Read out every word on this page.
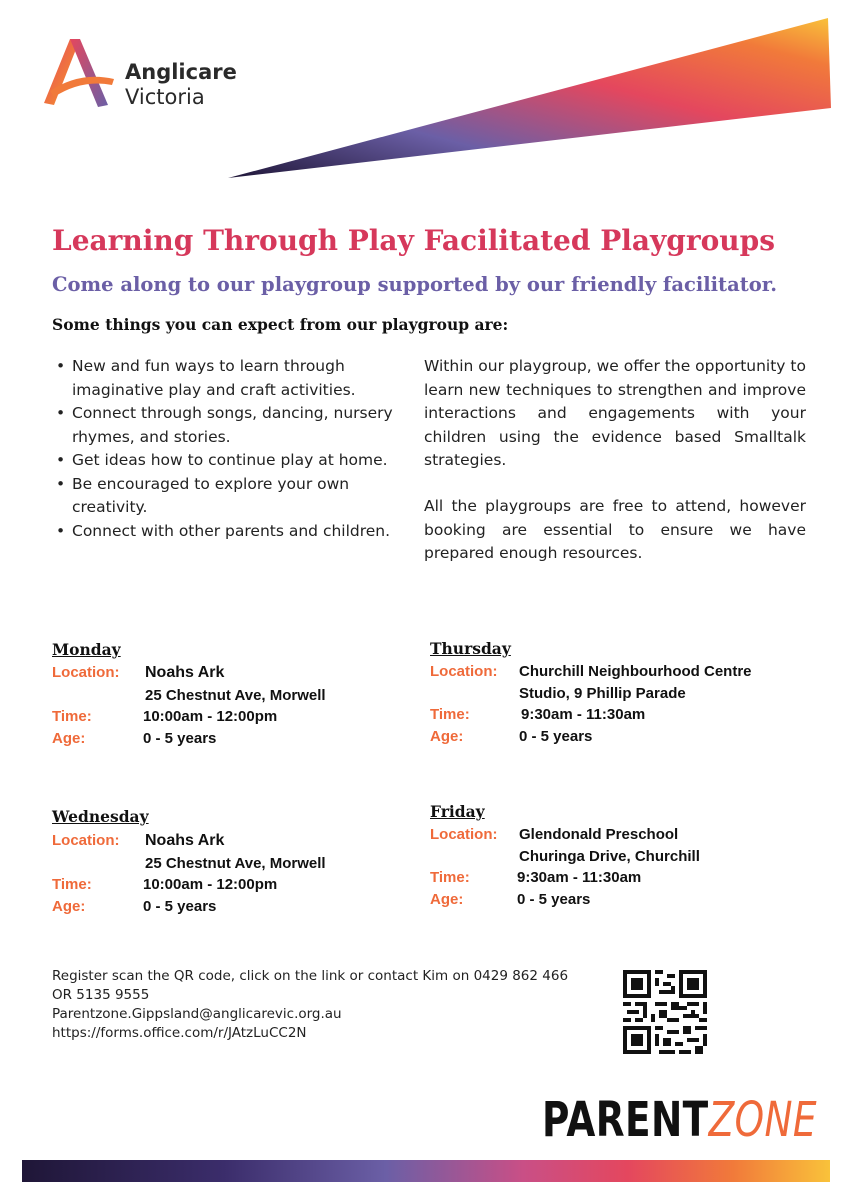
Anglicare
Victoria
Learning Through Play Facilitated Playgroups
Come along to our playgroup supported by our friendly facilitator.
Some things you can expect from our playgroup are:
• New and fun ways to learn through imaginative play and craft activities.
• Connect through songs, dancing, nursery rhymes, and stories.
• Get ideas how to continue play at home.
• Be encouraged to explore your own creativity.
• Connect with other parents and children.

Within our playgroup, we offer the opportunity to learn new techniques to strengthen and improve interactions and engagements with your children using the evidence based Smalltalk strategies.

All the playgroups are free to attend, however booking are essential to ensure we have prepared enough resources.

Monday
Location: Noahs Ark
25 Chestnut Ave, Morwell
Time:	10:00am - 12:00pm
Age:	0 - 5 years
Thursday
Location: Churchill Neighbourhood Centre
Studio, 9 Phillip Parade
Time:	9:30am - 11:30am
Age:	0 - 5 years
Wednesday
Location: Noahs Ark
25 Chestnut Ave, Morwell
Time:	10:00am - 12:00pm
Age:	0 - 5 years
Friday
Location: Glendonald Preschool
Churinga Drive, Churchill
Time:	9:30am - 11:30am
Age:	0 - 5 years
Register scan the QR code, click on the link or contact Kim on 0429 862 466
OR 5135 9555
Parentzone.Gippsland@anglicarevic.org.au
https://forms.office.com/r/JAtzLuCC2N
PARENTZONE
